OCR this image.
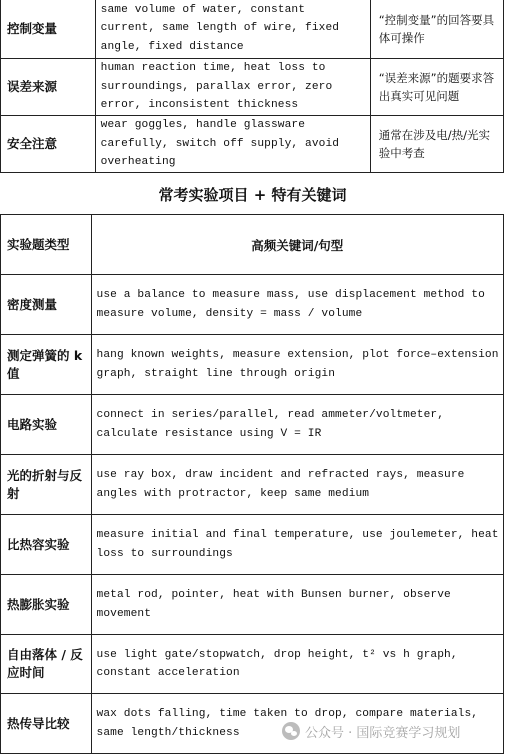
控制变量	same volume of water, constant current, same length of wire, fixed angle, fixed distance	“控制变量”的回答要具体可操作
误差来源	human reaction time, heat loss to surroundings, parallax error, zero error, inconsistent thickness	“误差来源”的题要求答出真实可见问题
安全注意	wear goggles, handle glassware carefully, switch off supply, avoid overheating	通常在涉及电/热/光实验中考查
常考实验项目 + 特有关键词
实验题类型	高频关键词/句型
密度测量	use a balance to measure mass, use displacement method to measure volume, density = mass / volume
测定弹簧的 k 值	hang known weights, measure extension, plot force–extension graph, straight line through origin
电路实验	connect in series/parallel, read ammeter/voltmeter, calculate resistance using V = IR
光的折射与反射	use ray box, draw incident and refracted rays, measure angles with protractor, keep same medium
比热容实验	measure initial and final temperature, use joulemeter, heat loss to surroundings
热膨胀实验	metal rod, pointer, heat with Bunsen burner, observe movement
自由落体 / 反应时间	use light gate/stopwatch, drop height, t² vs h graph, constant acceleration
热传导比较	wax dots falling, time taken to drop, compare materials, same length/thickness	公众号 · 国际竞赛学习规划
